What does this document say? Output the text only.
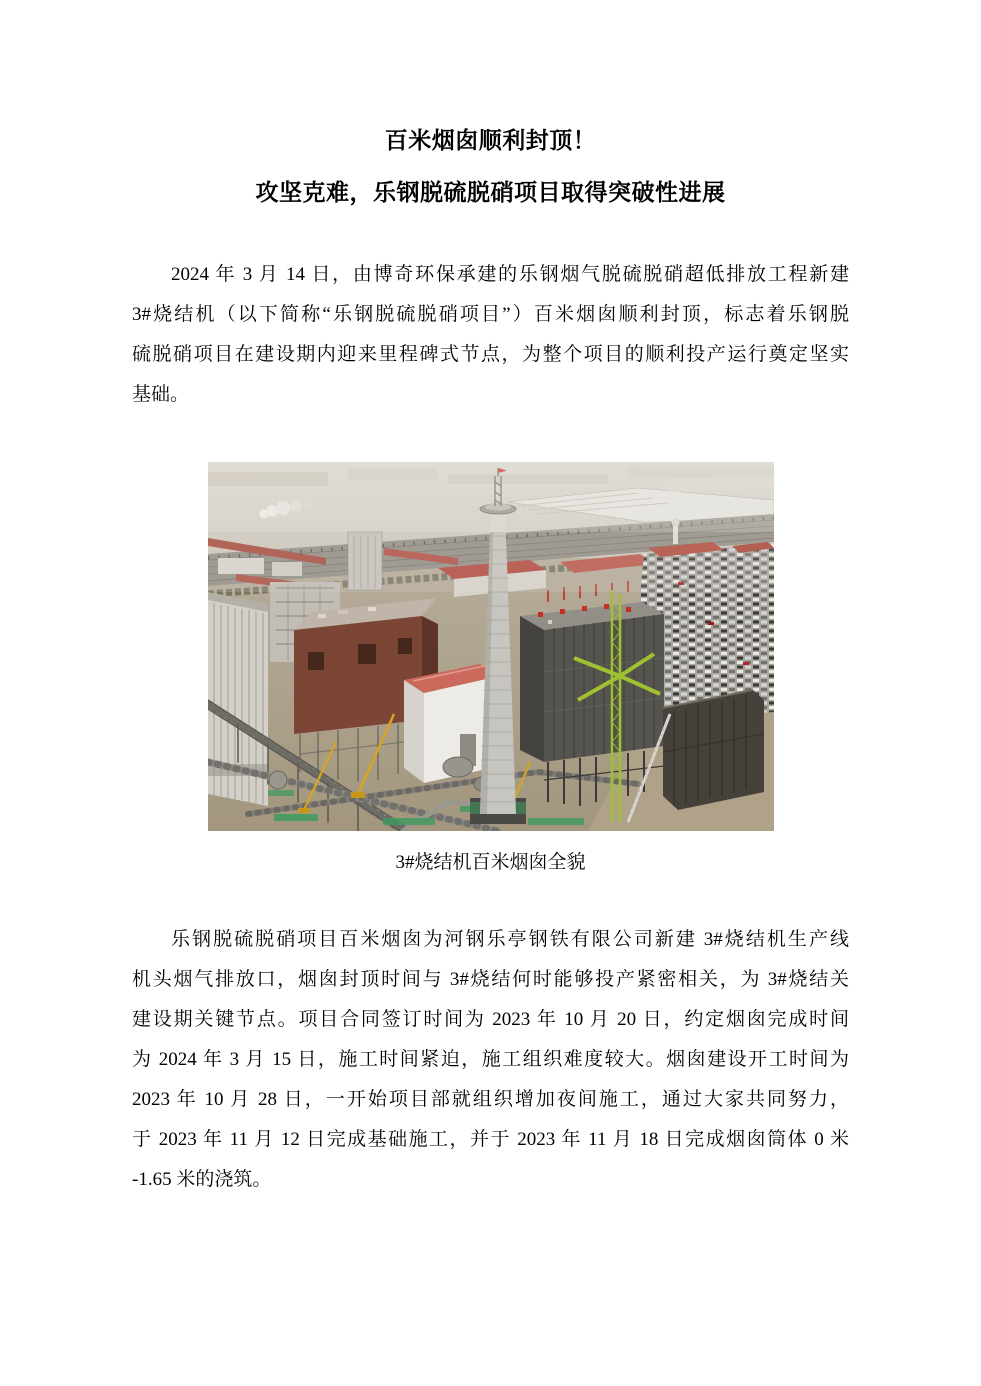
百米烟囱顺利封顶！
攻坚克难，乐钢脱硫脱硝项目取得突破性进展
2024 年 3 月 14 日，由博奇环保承建的乐钢烟气脱硫脱硝超低排放工程新建
3#烧结机（以下简称“乐钢脱硫脱硝项目”）百米烟囱顺利封顶，标志着乐钢脱
硫脱硝项目在建设期内迎来里程碑式节点，为整个项目的顺利投产运行奠定坚实
基础。
3#烧结机百米烟囱全貌
乐钢脱硫脱硝项目百米烟囱为河钢乐亭钢铁有限公司新建 3#烧结机生产线
机头烟气排放口，烟囱封顶时间与 3#烧结何时能够投产紧密相关，为 3#烧结关
建设期关键节点。项目合同签订时间为 2023 年 10 月 20 日，约定烟囱完成时间
为 2024 年 3 月 15 日，施工时间紧迫，施工组织难度较大。烟囱建设开工时间为
2023 年 10 月 28 日，一开始项目部就组织增加夜间施工，通过大家共同努力，
于 2023 年 11 月 12 日完成基础施工，并于 2023 年 11 月 18 日完成烟囱筒体 0 米
-1.65 米的浇筑。
